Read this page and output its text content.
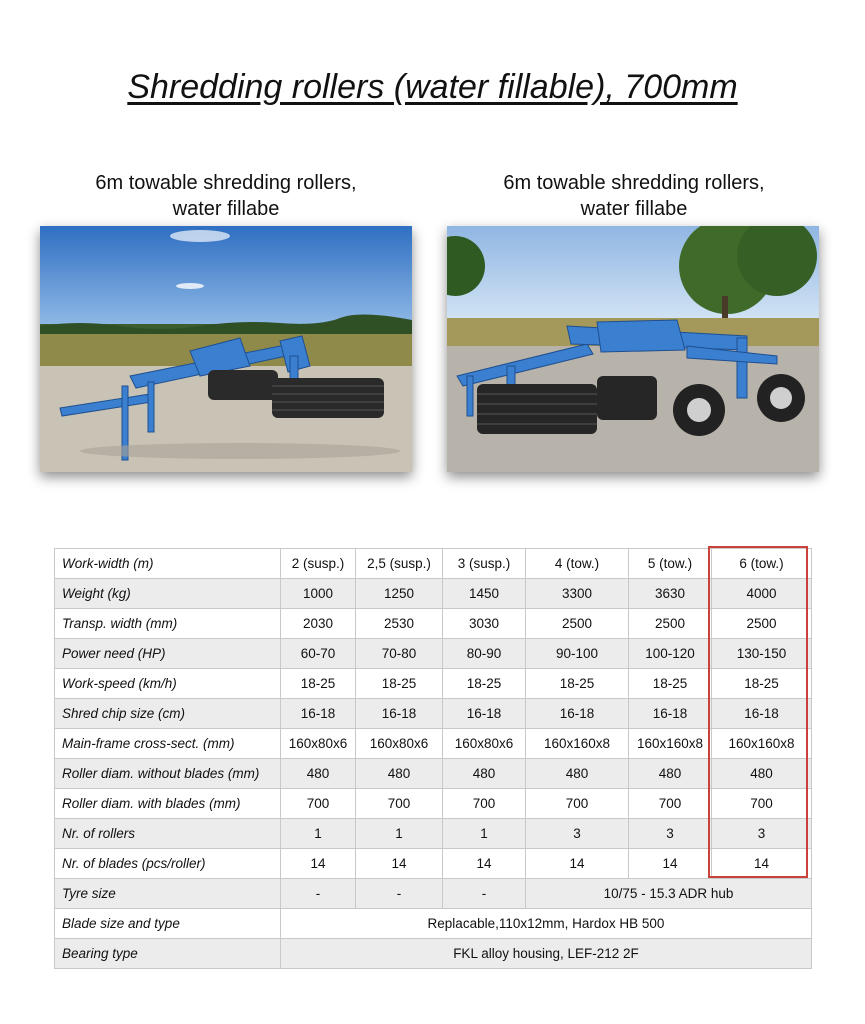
Shredding rollers (water fillable), 700mm
6m towable shredding rollers,
water fillabe
6m towable shredding rollers,
water fillabe
Work-width (m)	2 (susp.)	2,5 (susp.)	3 (susp.)	4 (tow.)	5 (tow.)	6 (tow.)
Weight (kg)	1000	1250	1450	3300	3630	4000
Transp. width (mm)	2030	2530	3030	2500	2500	2500
Power need (HP)	60-70	70-80	80-90	90-100	100-120	130-150
Work-speed (km/h)	18-25	18-25	18-25	18-25	18-25	18-25
Shred chip size (cm)	16-18	16-18	16-18	16-18	16-18	16-18
Main-frame cross-sect. (mm)	160x80x6	160x80x6	160x80x6	160x160x8	160x160x8	160x160x8
Roller diam. without blades (mm)	480	480	480	480	480	480
Roller diam. with blades (mm)	700	700	700	700	700	700
Nr. of rollers	1	1	1	3	3	3
Nr. of blades (pcs/roller)	14	14	14	14	14	14
Tyre size	-	-	-	10/75 - 15.3 ADR hub		
Blade size and type	Replacable,110x12mm, Hardox HB 500					
Bearing type	FKL alloy housing, LEF-212 2F					
